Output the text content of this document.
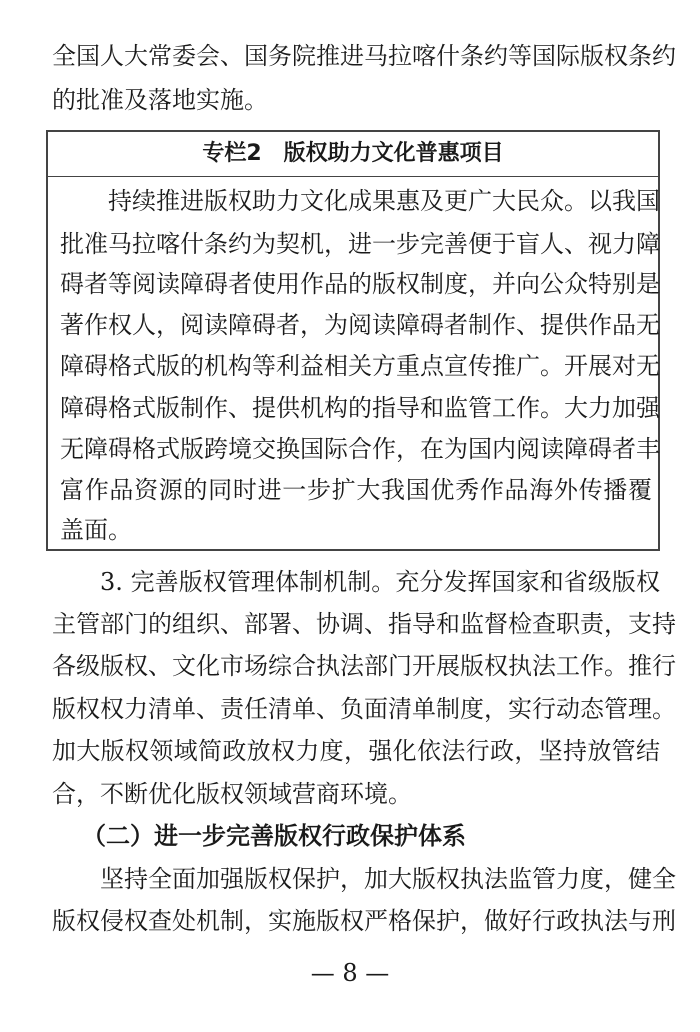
全国人大常委会、国务院推进马拉喀什条约等国际版权条约
的批准及落地实施。
专栏2　版权助力文化普惠项目
持续推进版权助力文化成果惠及更广大民众。以我国
批准马拉喀什条约为契机，进一步完善便于盲人、视力障
碍者等阅读障碍者使用作品的版权制度，并向公众特别是
著作权人，阅读障碍者，为阅读障碍者制作、提供作品无
障碍格式版的机构等利益相关方重点宣传推广。开展对无
障碍格式版制作、提供机构的指导和监管工作。大力加强
无障碍格式版跨境交换国际合作，在为国内阅读障碍者丰
富作品资源的同时进一步扩大我国优秀作品海外传播覆
盖面。
3. 完善版权管理体制机制。充分发挥国家和省级版权
主管部门的组织、部署、协调、指导和监督检查职责，支持
各级版权、文化市场综合执法部门开展版权执法工作。推行
版权权力清单、责任清单、负面清单制度，实行动态管理。
加大版权领域简政放权力度，强化依法行政，坚持放管结
合，不断优化版权领域营商环境。
（二）进一步完善版权行政保护体系
坚持全面加强版权保护，加大版权执法监管力度，健全
版权侵权查处机制，实施版权严格保护，做好行政执法与刑
— 8 —
